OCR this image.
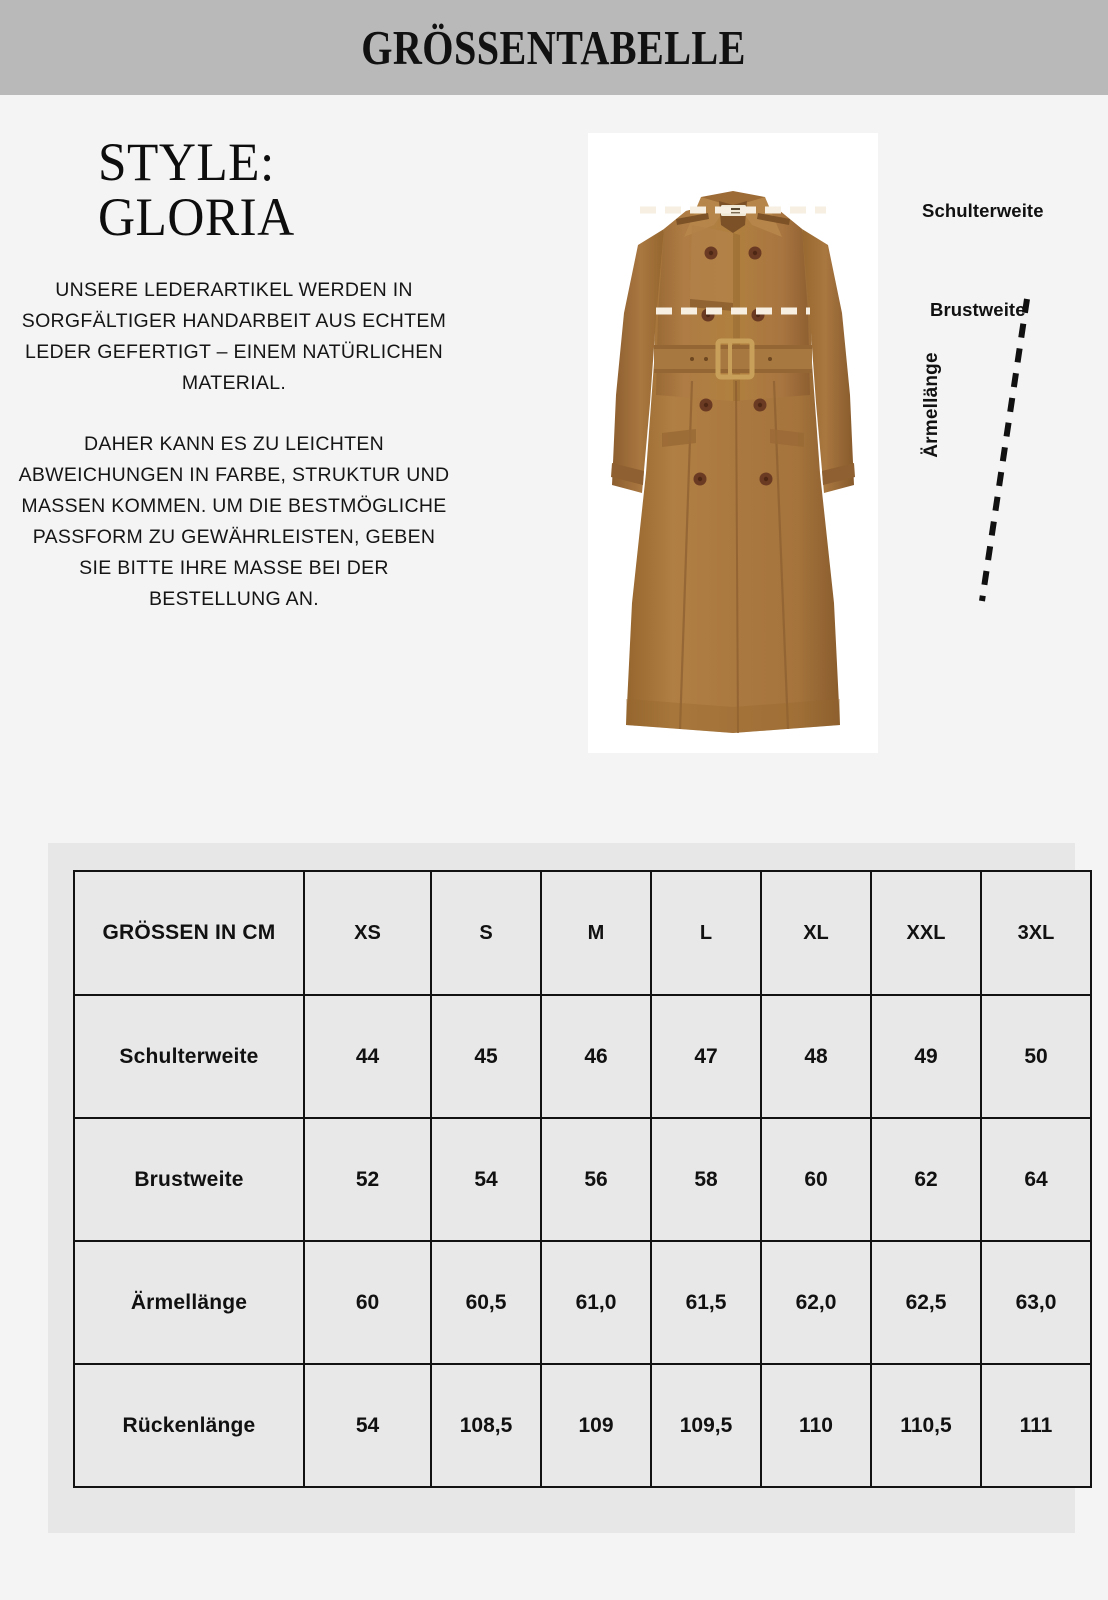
GRÖSSENTABELLE
STYLE:
GLORIA

UNSERE LEDERARTIKEL WERDEN IN SORGFÄLTIGER HANDARBEIT AUS ECHTEM LEDER GEFERTIGT – EINEM NATÜRLICHEN MATERIAL.

DAHER KANN ES ZU LEICHTEN ABWEICHUNGEN IN FARBE, STRUKTUR UND MASSEN KOMMEN. UM DIE BESTMÖGLICHE PASSFORM ZU GEWÄHRLEISTEN, GEBEN SIE BITTE IHRE MASSE BEI DER BESTELLUNG AN.

Ärmellänge
Schulterweite
Brustweite
GRÖSSEN IN CM	XS	S	M	L	XL	XXL	3XL
Schulterweite	44	45	46	47	48	49	50
Brustweite	52	54	56	58	60	62	64
Ärmellänge	60	60,5	61,0	61,5	62,0	62,5	63,0
Rückenlänge	54	108,5	109	109,5	110	110,5	111
